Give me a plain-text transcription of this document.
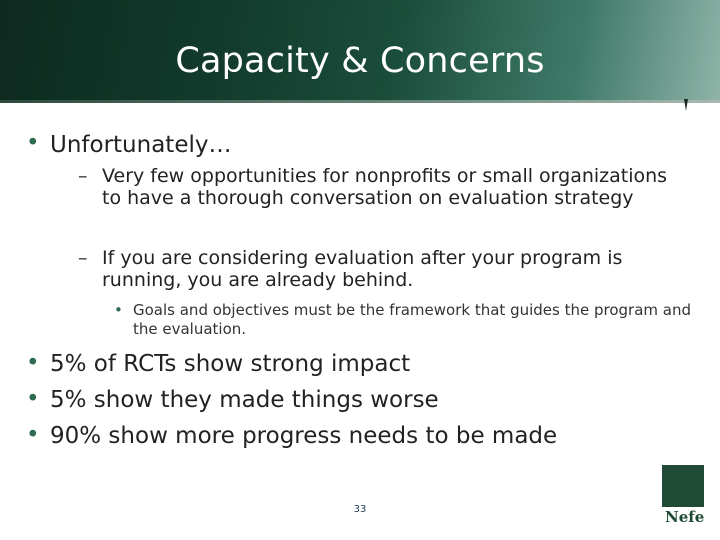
Capacity & Concerns
• Unfortunately…
– Very few opportunities for nonprofits or small organizations to have a thorough conversation on evaluation strategy
– If you are considering evaluation after your program is running, you are already behind.
• Goals and objectives must be the framework that guides the program and the evaluation.
• 5% of RCTs show strong impact
• 5% show they made things worse
• 90% show more progress needs to be made
33	Nefe
